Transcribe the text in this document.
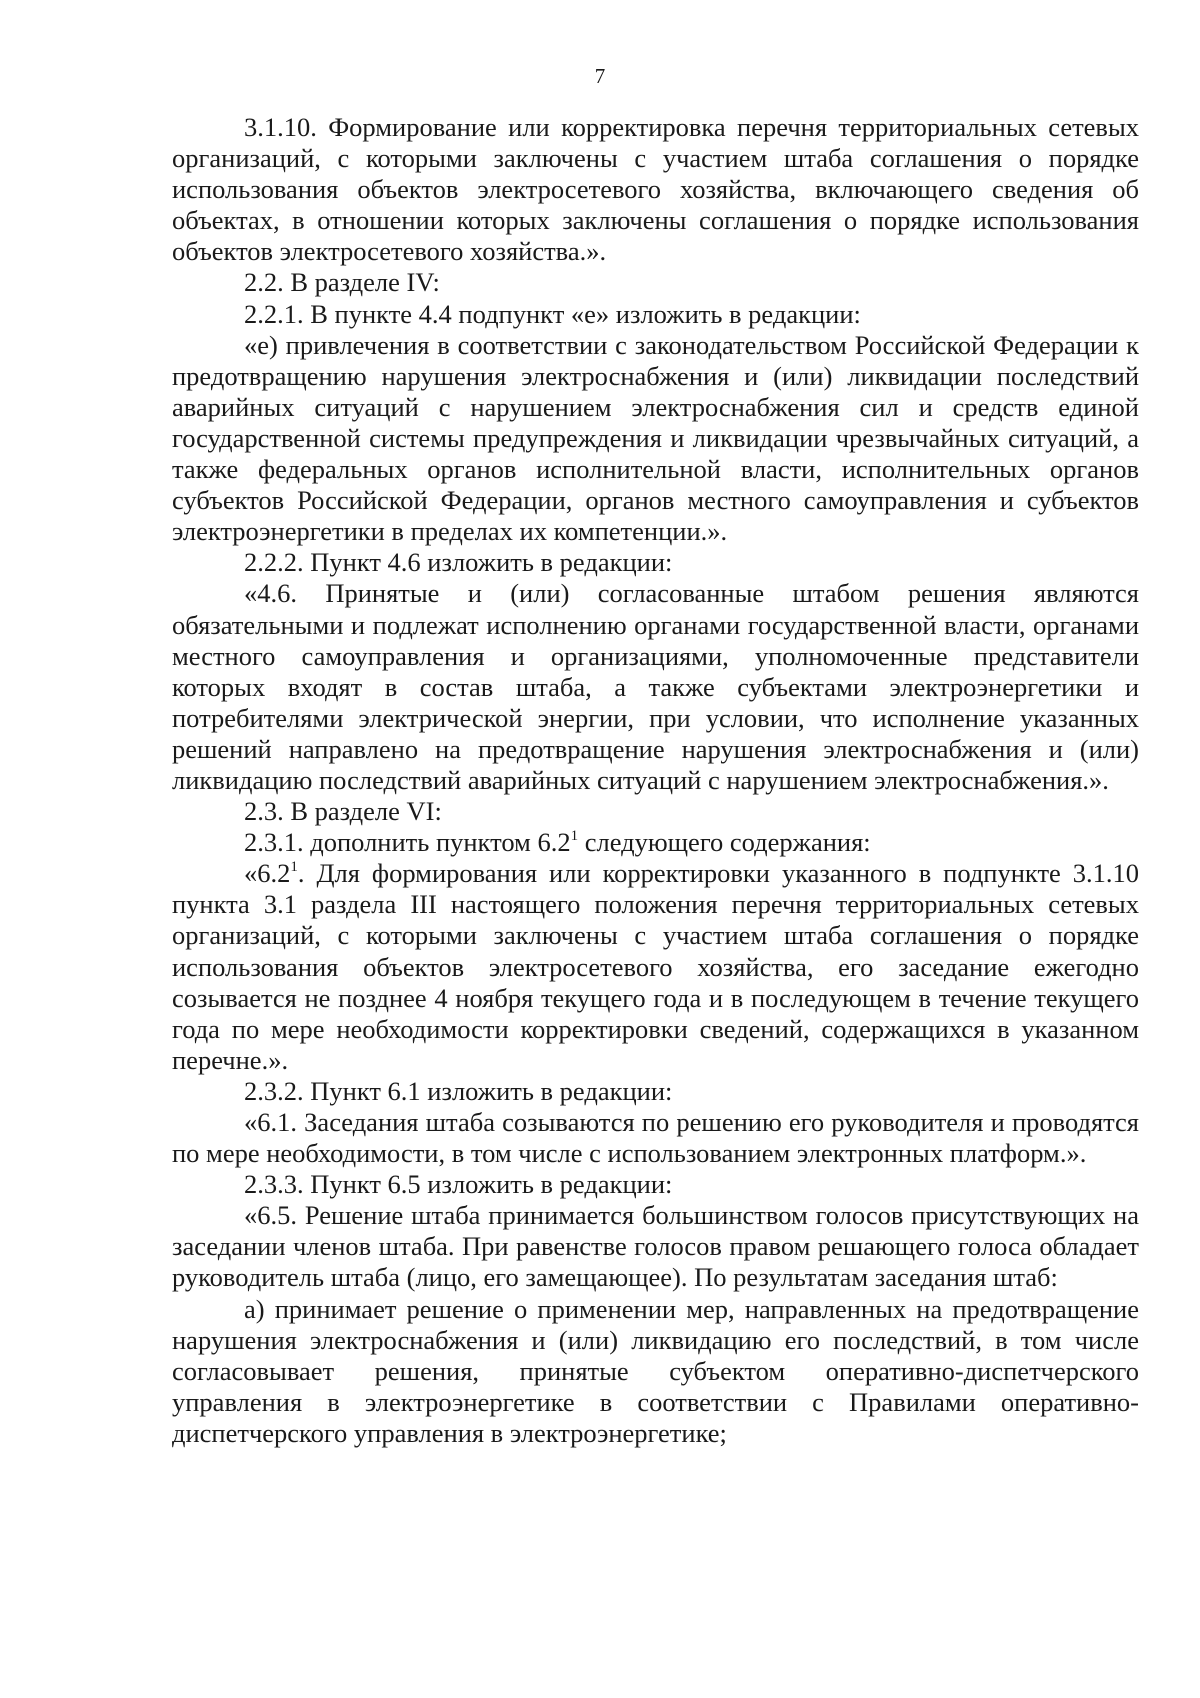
7

3.1.10. Формирование или корректировка перечня территориальных сетевых организаций, с которыми заключены с участием штаба соглашения о порядке использования объектов электросетевого хозяйства, включающего сведения об объектах, в отношении которых заключены соглашения о порядке использования объектов электросетевого хозяйства.».

2.2. В разделе IV:

2.2.1. В пункте 4.4 подпункт «е» изложить в редакции:

«е) привлечения в соответствии с законодательством Российской Федерации к предотвращению нарушения электроснабжения и (или) ликвидации последствий аварийных ситуаций с нарушением электроснабжения сил и средств единой государственной системы предупреждения и ликвидации чрезвычайных ситуаций, а также федеральных органов исполнительной власти, исполнительных органов субъектов Российской Федерации, органов местного самоуправления и субъектов электроэнергетики в пределах их компетенции.».

2.2.2. Пункт 4.6 изложить в редакции:

«4.6. Принятые и (или) согласованные штабом решения являются обязательными и подлежат исполнению органами государственной власти, органами местного самоуправления и организациями, уполномоченные представители которых входят в состав штаба, а также субъектами электроэнергетики и потребителями электрической энергии, при условии, что исполнение указанных решений направлено на предотвращение нарушения электроснабжения и (или) ликвидацию последствий аварийных ситуаций с нарушением электроснабжения.».

2.3. В разделе VI:

2.3.1. дополнить пунктом $6.2^1$ следующего содержания:

«$6.2^1$. Для формирования или корректировки указанного в подпункте 3.1.10 пункта 3.1 раздела III настоящего положения перечня территориальных сетевых организаций, с которыми заключены с участием штаба соглашения о порядке использования объектов электросетевого хозяйства, его заседание ежегодно созывается не позднее 4 ноября текущего года и в последующем в течение текущего года по мере необходимости корректировки сведений, содержащихся в указанном перечне.».

2.3.2. Пункт 6.1 изложить в редакции:

«6.1. Заседания штаба созываются по решению его руководителя и проводятся по мере необходимости, в том числе с использованием электронных платформ.».

2.3.3. Пункт 6.5 изложить в редакции:

«6.5. Решение штаба принимается большинством голосов присутствующих на заседании членов штаба. При равенстве голосов правом решающего голоса обладает руководитель штаба (лицо, его замещающее). По результатам заседания штаб:

а) принимает решение о применении мер, направленных на предотвращение нарушения электроснабжения и (или) ликвидацию его последствий, в том числе согласовывает решения, принятые субъектом оперативно-диспетчерского управления в электроэнергетике в соответствии с Правилами оперативно-диспетчерского управления в электроэнергетике;
